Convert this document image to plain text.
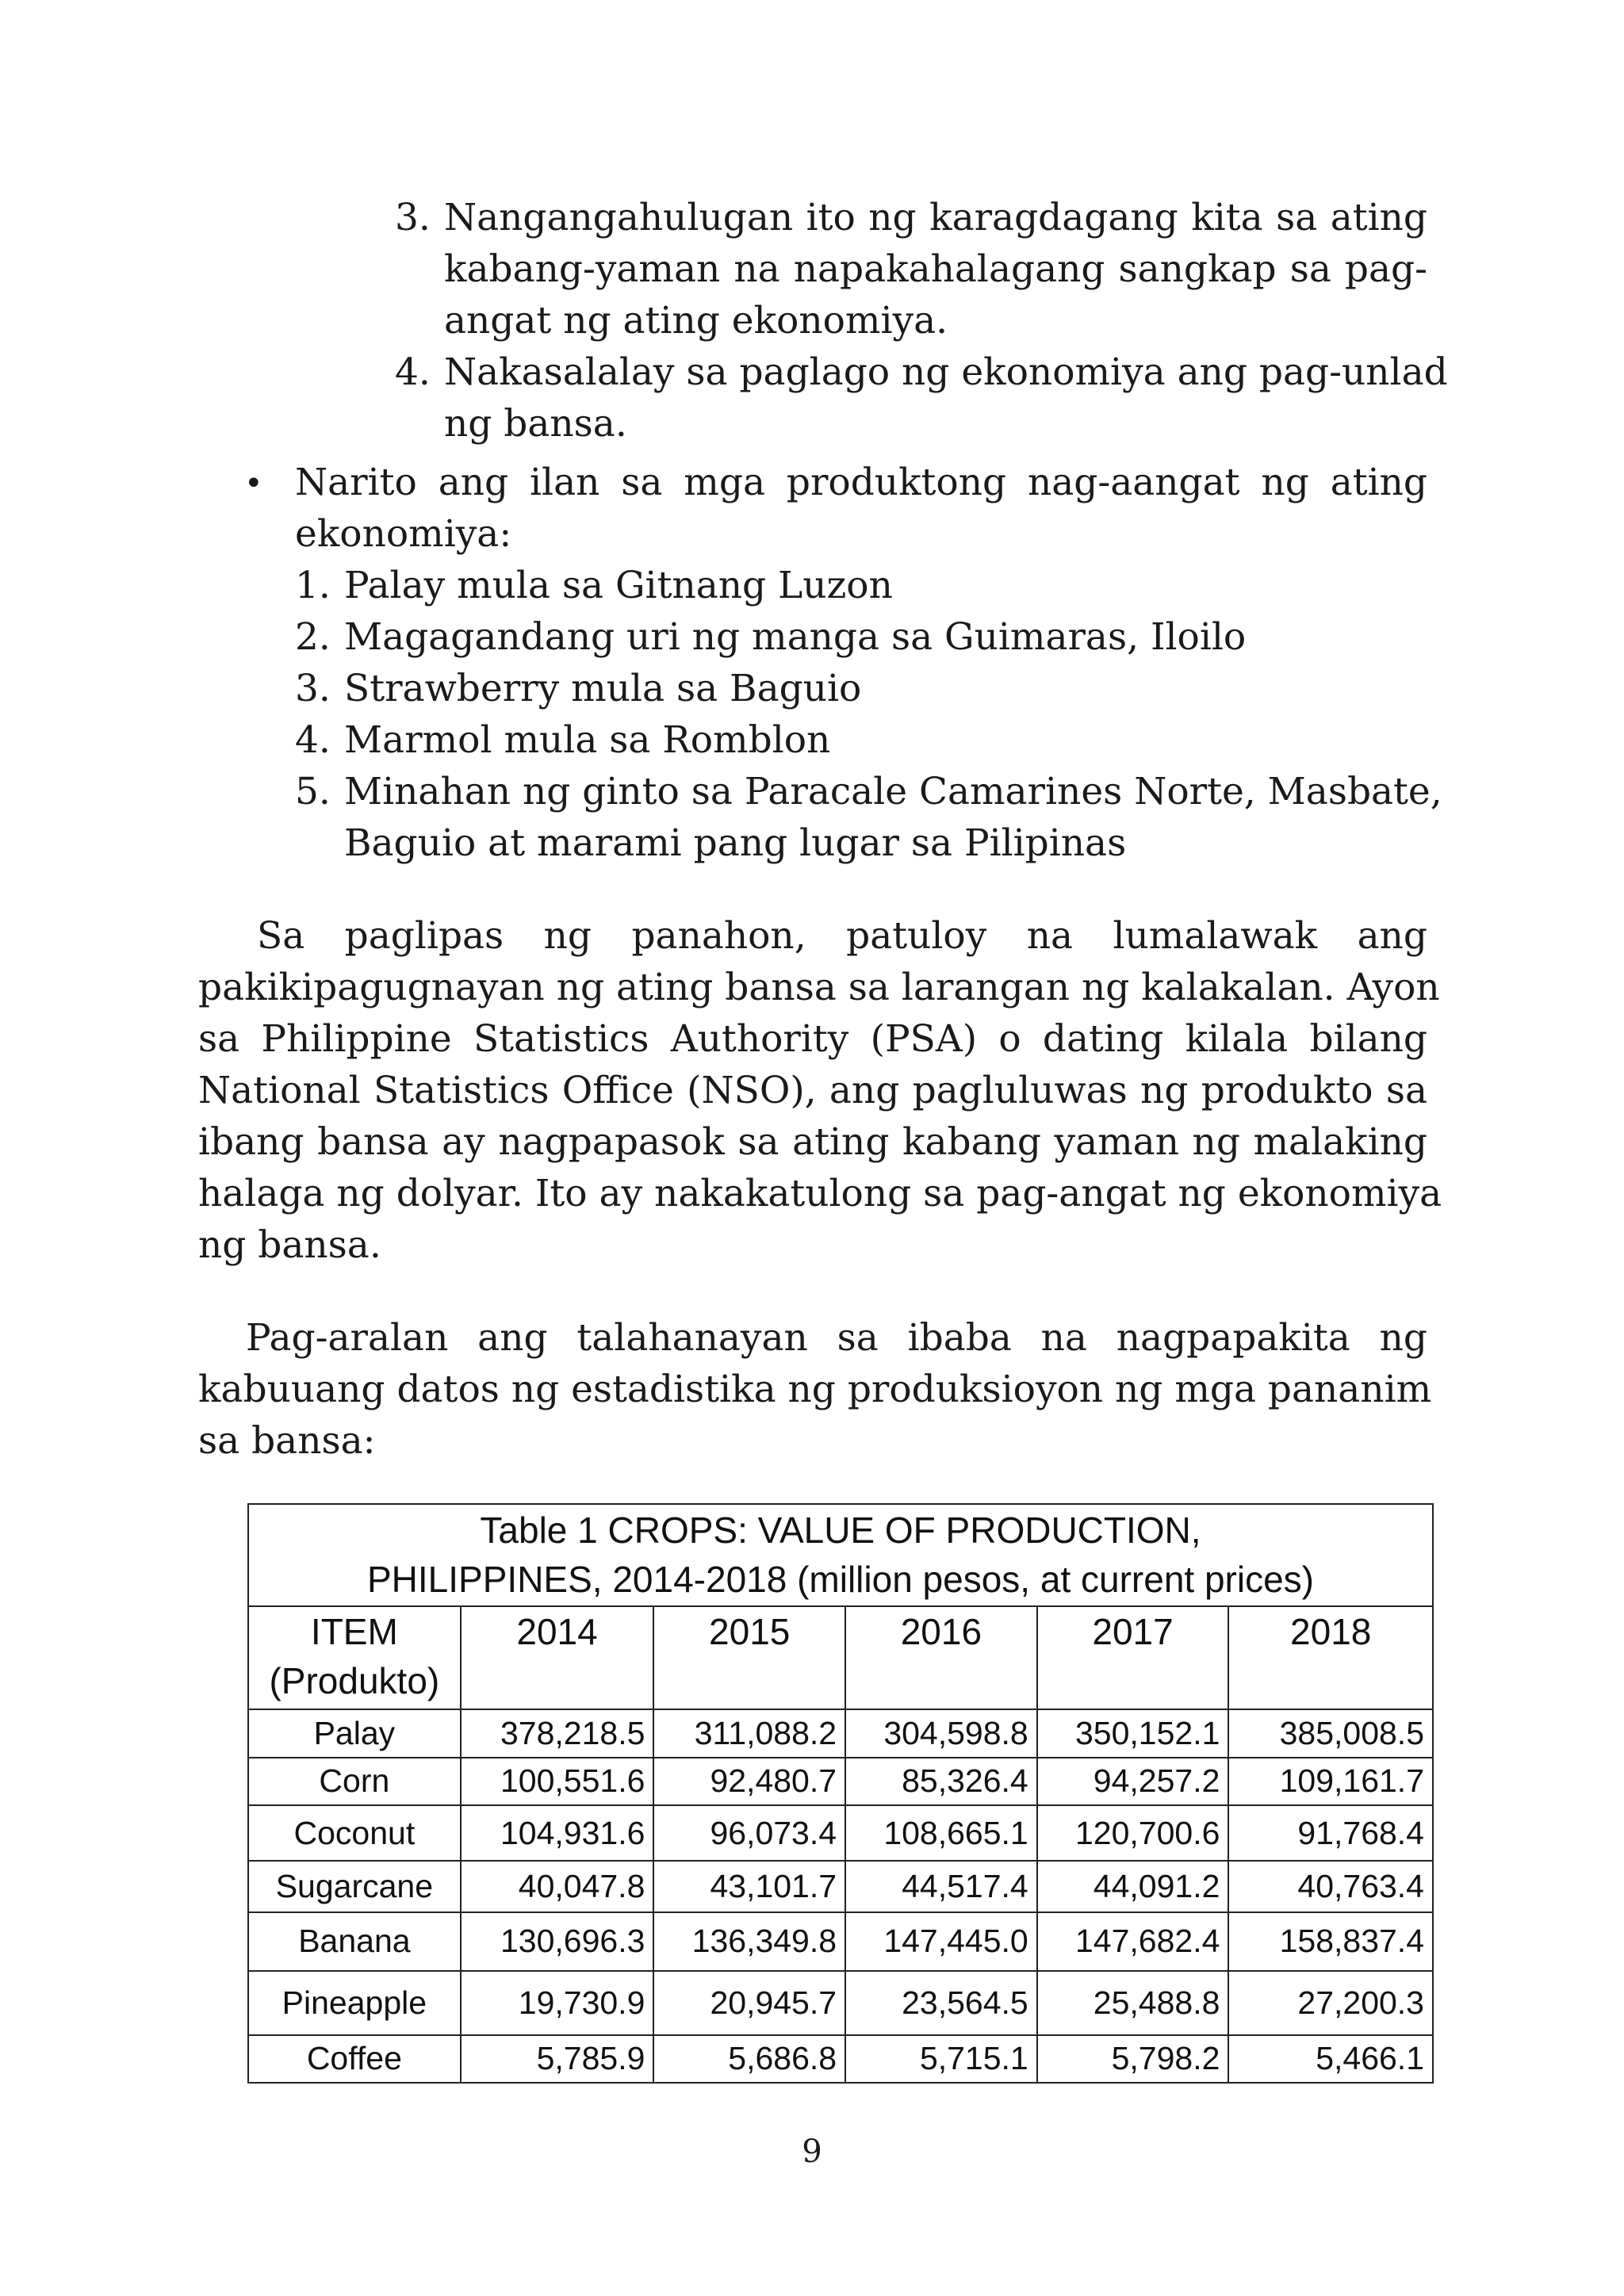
3. Nangangahulugan ito ng karagdagang kita sa ating
kabang-yaman na napakahalagang sangkap sa pag-
angat ng ating ekonomiya.
4. Nakasalalay sa paglago ng ekonomiya ang pag-unlad
ng bansa.
• Narito ang ilan sa mga produktong nag-aangat ng ating
ekonomiya:
1. Palay mula sa Gitnang Luzon
2. Magagandang uri ng manga sa Guimaras, Iloilo
3. Strawberry mula sa Baguio
4. Marmol mula sa Romblon
5. Minahan ng ginto sa Paracale Camarines Norte, Masbate,
Baguio at marami pang lugar sa Pilipinas
Sa paglipas ng panahon, patuloy na lumalawak ang
pakikipagugnayan ng ating bansa sa larangan ng kalakalan. Ayon
sa Philippine Statistics Authority (PSA) o dating kilala bilang
National Statistics Office (NSO), ang pagluluwas ng produkto sa
ibang bansa ay nagpapasok sa ating kabang yaman ng malaking
halaga ng dolyar. Ito ay nakakatulong sa pag-angat ng ekonomiya
ng bansa.
Pag-aralan ang talahanayan sa ibaba na nagpapakita ng
kabuuang datos ng estadistika ng produksioyon ng mga pananim
sa bansa:
Table 1 CROPS: VALUE OF PRODUCTION,
PHILIPPINES, 2014-2018 (million pesos, at current prices)					

ITEM
(Produkto)	2014	2015	2016	2017	2018
Palay	378,218.5	311,088.2	304,598.8	350,152.1	385,008.5
Corn	100,551.6	92,480.7	85,326.4	94,257.2	109,161.7
Coconut	104,931.6	96,073.4	108,665.1	120,700.6	91,768.4
Sugarcane	40,047.8	43,101.7	44,517.4	44,091.2	40,763.4
Banana	130,696.3	136,349.8	147,445.0	147,682.4	158,837.4
Pineapple	19,730.9	20,945.7	23,564.5	25,488.8	27,200.3
Coffee	5,785.9	5,686.8	5,715.1	5,798.2	5,466.1
9
